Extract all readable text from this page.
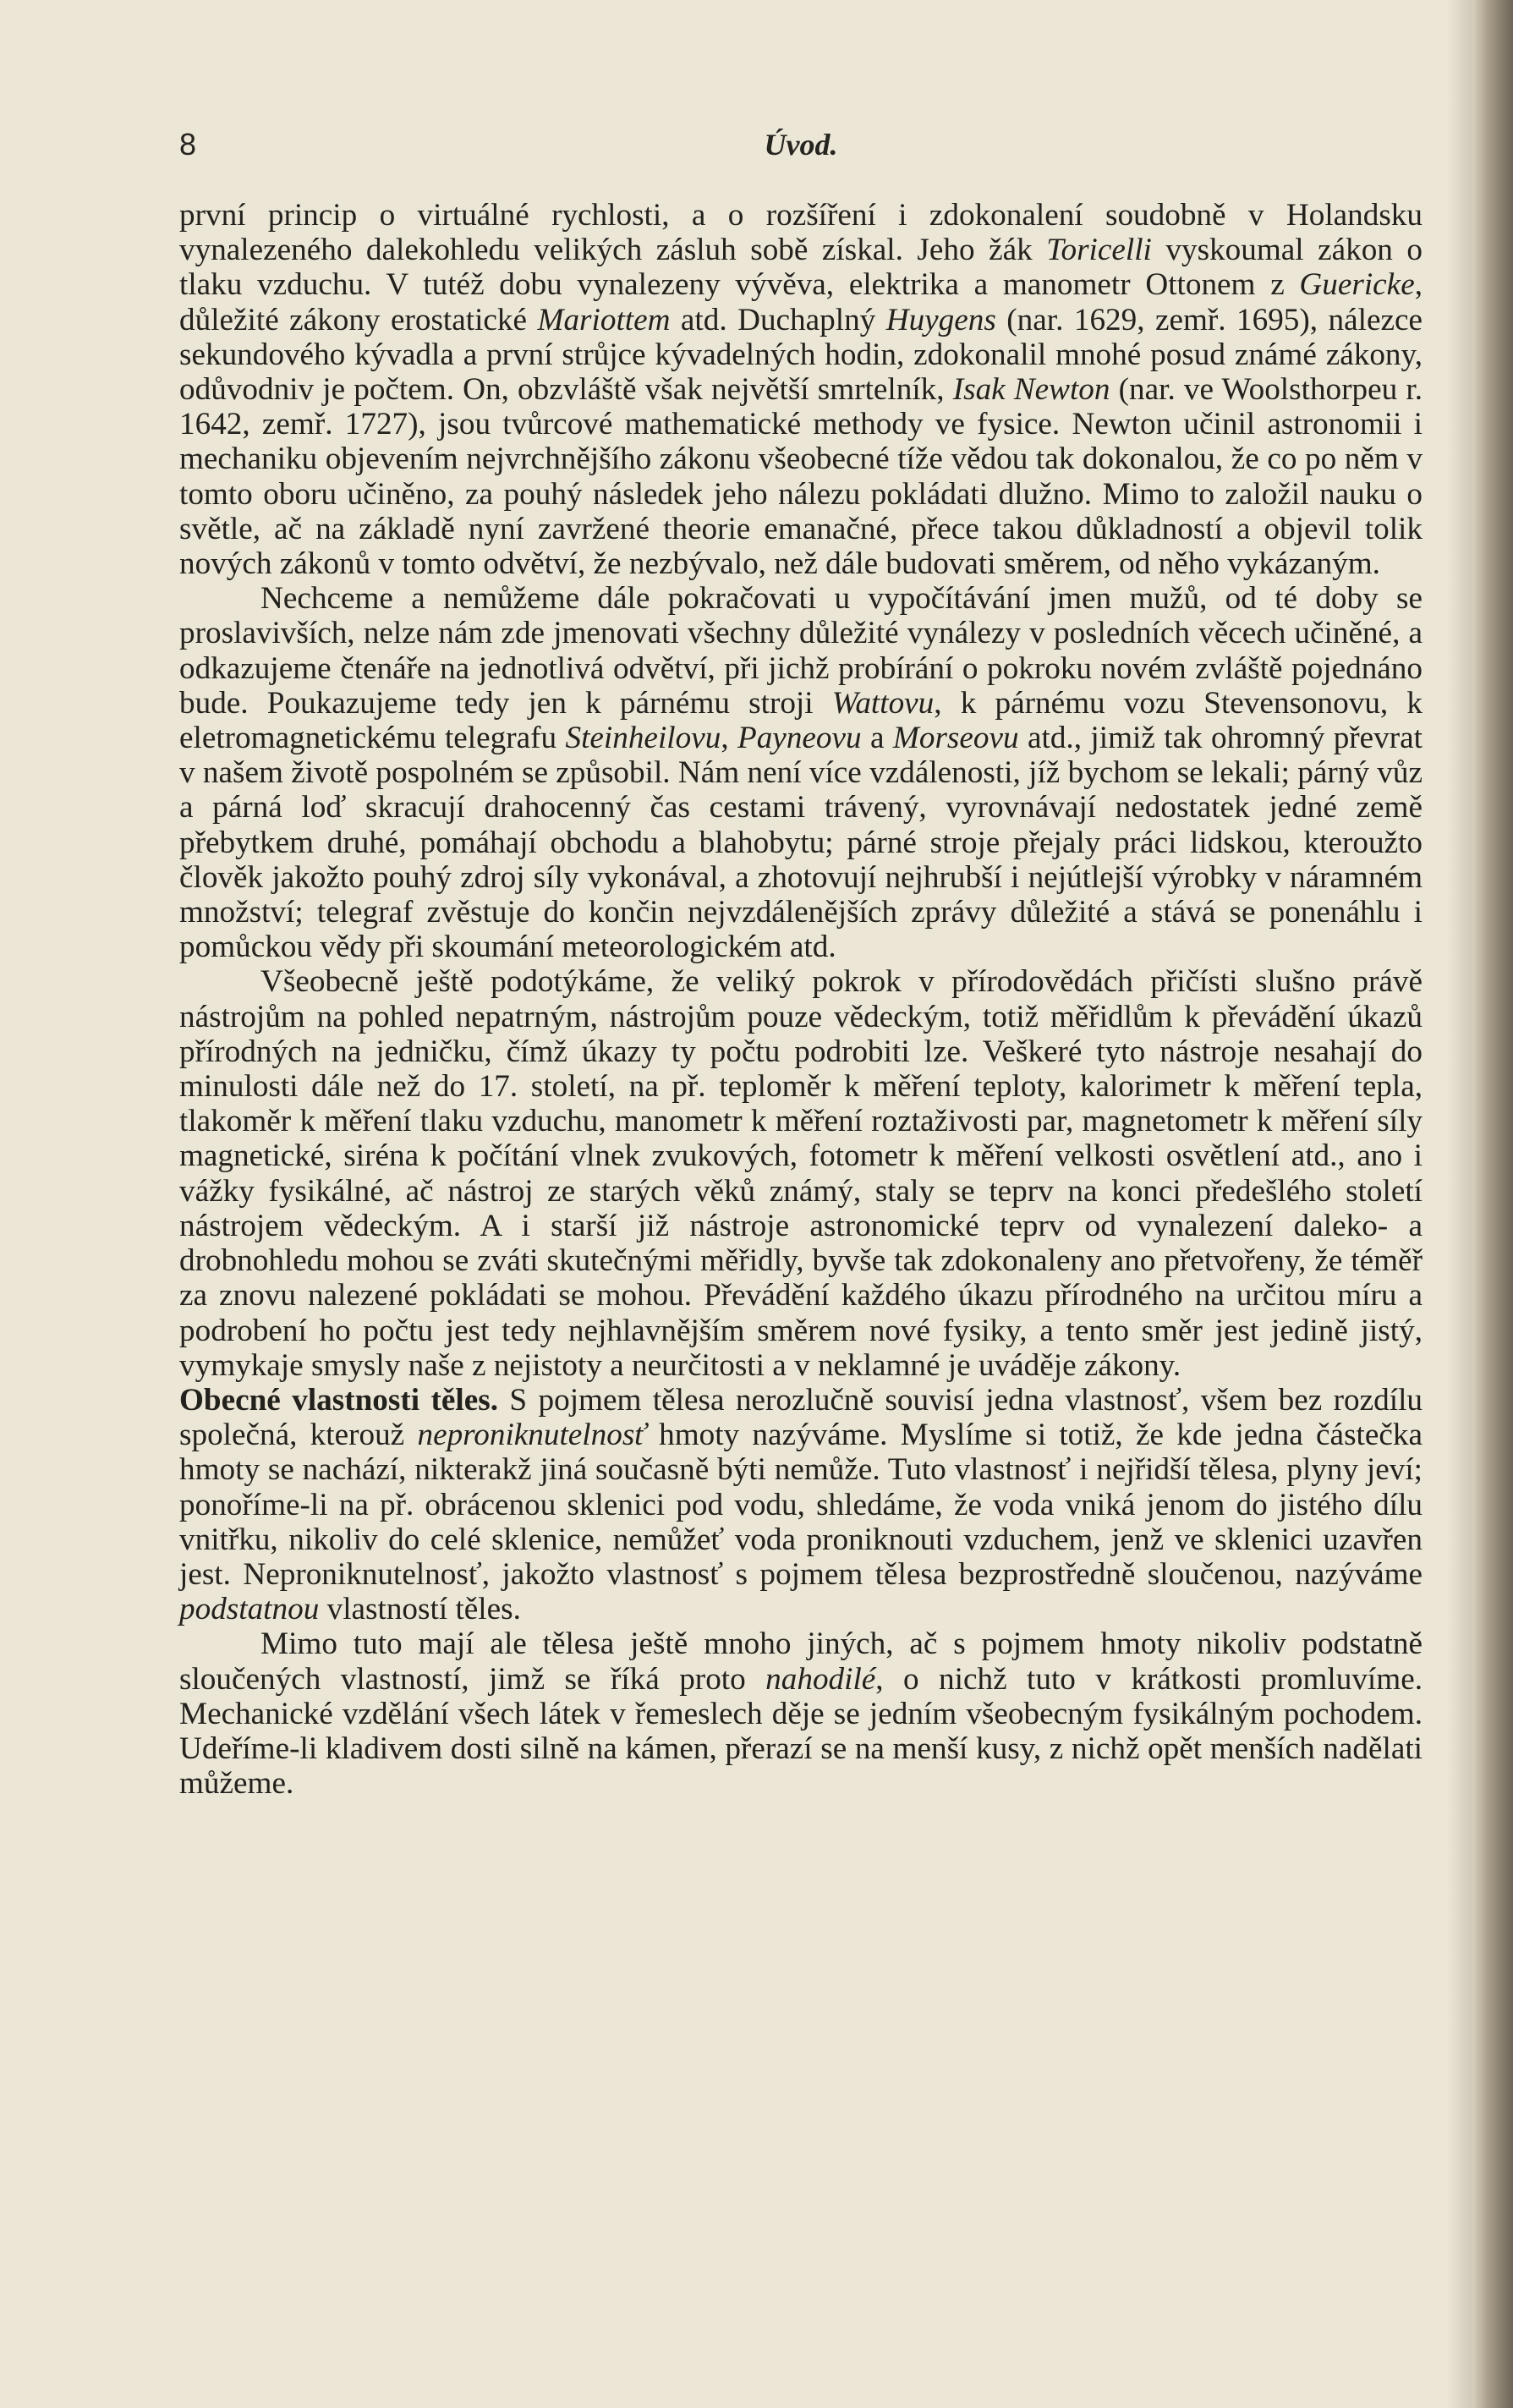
8	Úvod.

první princip o virtuálné rychlosti, a o rozšíření i zdokonalení soudobně v Holandsku vynalezeného dalekohledu velikých zásluh sobě získal. Jeho žák Toricelli vyskoumal zákon o tlaku vzduchu. V tutéž dobu vynalezeny vývěva, elektrika a manometr Ottonem z Guericke, důležité zákony erostatické Mariottem atd. Duchaplný Huygens (nar. 1629, zemř. 1695), nálezce sekundového kývadla a první strůjce kývadelných hodin, zdokonalil mnohé posud známé zákony, odůvodniv je počtem. On, obzvláště však největší smrtelník, Isak Newton (nar. ve Woolsthorpeu r. 1642, zemř. 1727), jsou tvůrcové mathematické methody ve fysice. Newton učinil astronomii i mechaniku objevením nejvrchnějšího zákonu všeobecné tíže vědou tak dokonalou, že co po něm v tomto oboru učiněno, za pouhý následek jeho nálezu pokládati dlužno. Mimo to založil nauku o světle, ač na základě nyní zavržené theorie emanačné, přece takou důkladností a objevil tolik nových zákonů v tomto odvětví, že nezbývalo, než dále budovati směrem, od něho vykázaným.

Nechceme a nemůžeme dále pokračovati u vypočítávání jmen mužů, od té doby se proslavivších, nelze nám zde jmenovati všechny důležité vynálezy v posledních věcech učiněné, a odkazujeme čtenáře na jednotlivá odvětví, při jichž probírání o pokroku novém zvláště pojednáno bude. Poukazujeme tedy jen k párnému stroji Wattovu, k párnému vozu Stevensonovu, k eletromagnetickému telegrafu Steinheilovu, Payneovu a Morseovu atd., jimiž tak ohromný převrat v našem životě pospolném se způsobil. Nám není více vzdálenosti, jíž bychom se lekali; párný vůz a párná loď skracují drahocenný čas cestami trávený, vyrovnávají nedostatek jedné země přebytkem druhé, pomáhají obchodu a blahobytu; párné stroje přejaly práci lidskou, kteroužto člověk jakožto pouhý zdroj síly vykonával, a zhotovují nejhrubší i nejútlejší výrobky v náramném množství; telegraf zvěstuje do končin nejvzdálenějších zprávy důležité a stává se ponenáhlu i pomůckou vědy při skoumání meteorologickém atd.

Všeobecně ještě podotýkáme, že veliký pokrok v přírodovědách přičísti slušno právě nástrojům na pohled nepatrným, nástrojům pouze vědeckým, totiž měřidlům k převádění úkazů přírodných na jedničku, čímž úkazy ty počtu podrobiti lze. Veškeré tyto nástroje nesahají do minulosti dále než do 17. století, na př. teploměr k měření teploty, kalorimetr k měření tepla, tlakoměr k měření tlaku vzduchu, manometr k měření roztaživosti par, magnetometr k měření síly magnetické, siréna k počítání vlnek zvukových, fotometr k měření velkosti osvětlení atd., ano i vážky fysikálné, ač nástroj ze starých věků známý, staly se teprv na konci předešlého století nástrojem vědeckým. A i starší již nástroje astronomické teprv od vynalezení daleko- a drobnohledu mohou se zváti skutečnými měřidly, byvše tak zdokonaleny ano přetvořeny, že téměř za znovu nalezené pokládati se mohou. Převádění každého úkazu přírodného na určitou míru a podrobení ho počtu jest tedy nejhlavnějším směrem nové fysiky, a tento směr jest jedině jistý, vymykaje smysly naše z nejistoty a neurčitosti a v neklamné je uváděje zákony.

Obecné vlastnosti těles. S pojmem tělesa nerozlučně souvisí jedna vlastnosť, všem bez rozdílu společná, kterouž neproniknutelnosť hmoty nazýváme. Myslíme si totiž, že kde jedna částečka hmoty se nachází, nikterakž jiná současně býti nemůže. Tuto vlastnosť i nejřidší tělesa, plyny jeví; ponoříme-li na př. obrácenou sklenici pod vodu, shledáme, že voda vniká jenom do jistého dílu vnitřku, nikoliv do celé sklenice, nemůžeť voda proniknouti vzduchem, jenž ve sklenici uzavřen jest. Neproniknutelnosť, jakožto vlastnosť s pojmem tělesa bezprostředně sloučenou, nazýváme podstatnou vlastností těles.

Mimo tuto mají ale tělesa ještě mnoho jiných, ač s pojmem hmoty nikoliv podstatně sloučených vlastností, jimž se říká proto nahodilé, o nichž tuto v krátkosti promluvíme. Mechanické vzdělání všech látek v řemeslech děje se jedním všeobecným fysikálným pochodem. Udeříme-li kladivem dosti silně na kámen, přerazí se na menší kusy, z nichž opět menších nadělati můžeme.
